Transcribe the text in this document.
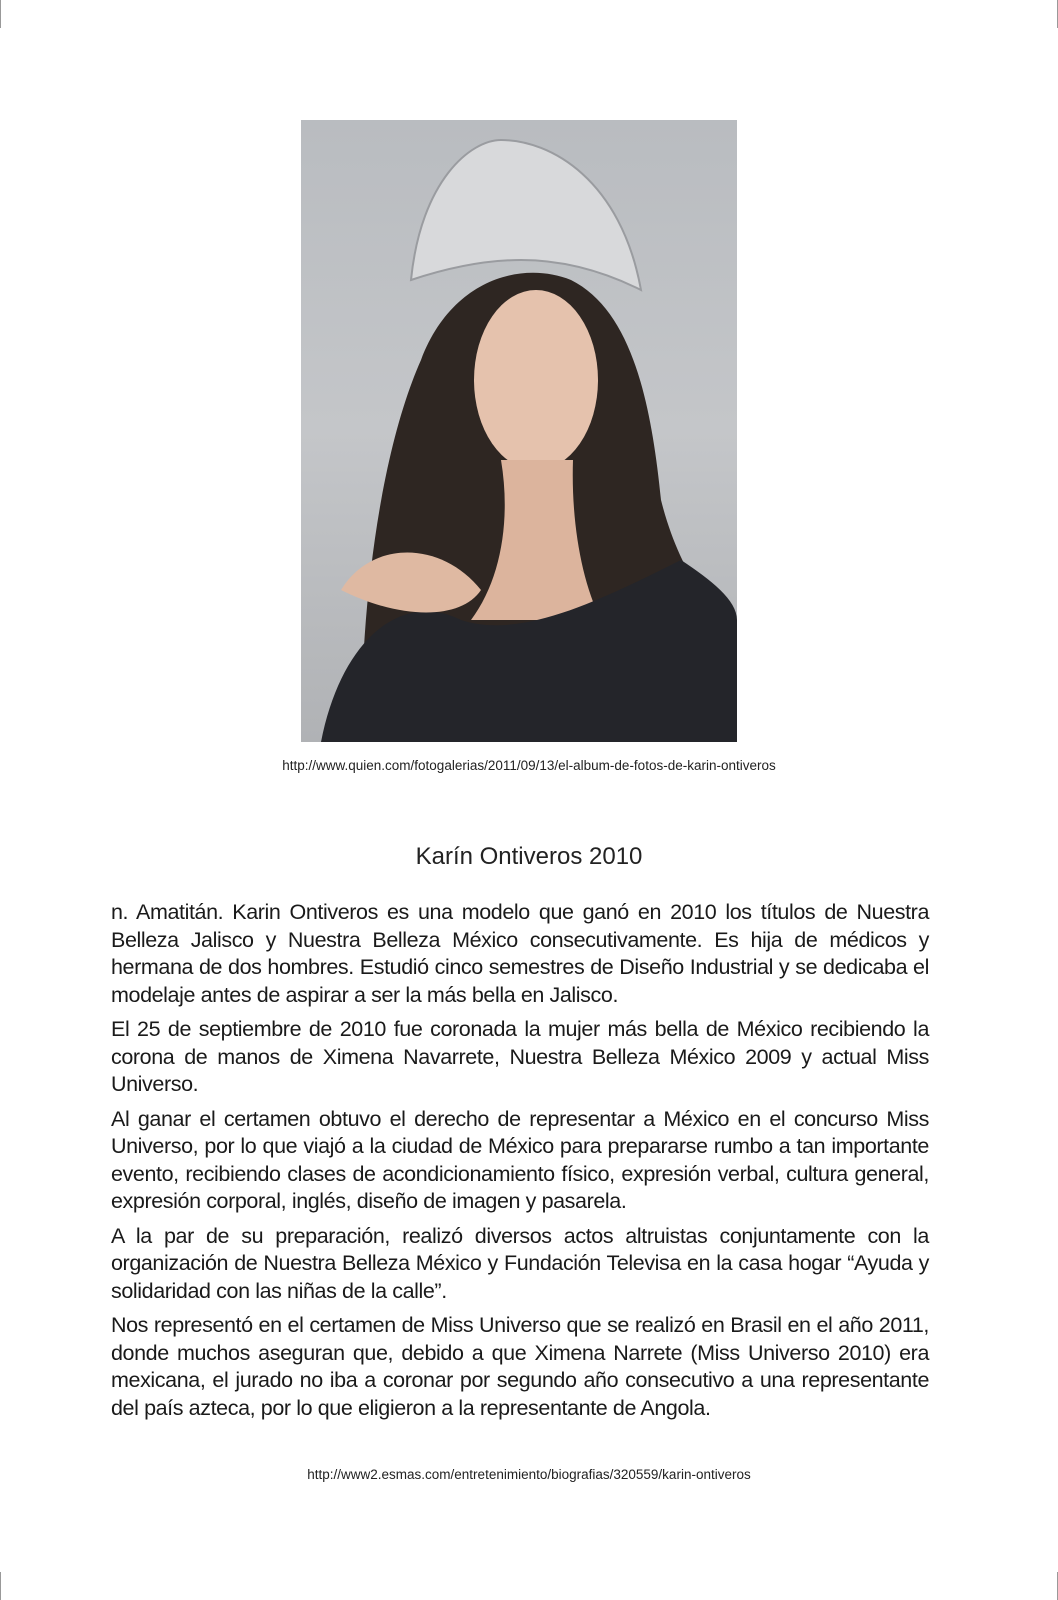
http://www.quien.com/fotogalerias/2011/09/13/el-album-de-fotos-de-karin-ontiveros
Karín Ontiveros 2010

n. Amatitán. Karin Ontiveros es una modelo que ganó en 2010 los títulos de Nuestra Belleza Jalisco y Nuestra Belleza México consecutivamente. Es hija de médicos y hermana de dos hombres. Estudió cinco semestres de Diseño Industrial y se dedicaba el modelaje antes de aspirar a ser la más bella en Jalisco.

El 25 de septiembre de 2010 fue coronada la mujer más bella de México recibiendo la corona de manos de Ximena Navarrete, Nuestra Belleza México 2009 y actual Miss Universo.

Al ganar el certamen obtuvo el derecho de representar a México en el concurso Miss Universo, por lo que viajó a la ciudad de México para prepararse rumbo a tan importante evento, recibiendo clases de acondicionamiento físico, expresión verbal, cultura general, expresión corporal, inglés, diseño de imagen y pasarela.

A la par de su preparación, realizó diversos actos altruistas conjuntamente con la organización de Nuestra Belleza México y Fundación Televisa en la casa hogar “Ayuda y solidaridad con las niñas de la calle”.

Nos representó en el certamen de Miss Universo que se realizó en Brasil en el año 2011, donde muchos aseguran que, debido a que Ximena Narrete (Miss Universo 2010) era mexicana, el jurado no iba a coronar por segundo año consecutivo a una representante del país azteca, por lo que eligieron a la representante de Angola.

http://www2.esmas.com/entretenimiento/biografias/320559/karin-ontiveros
